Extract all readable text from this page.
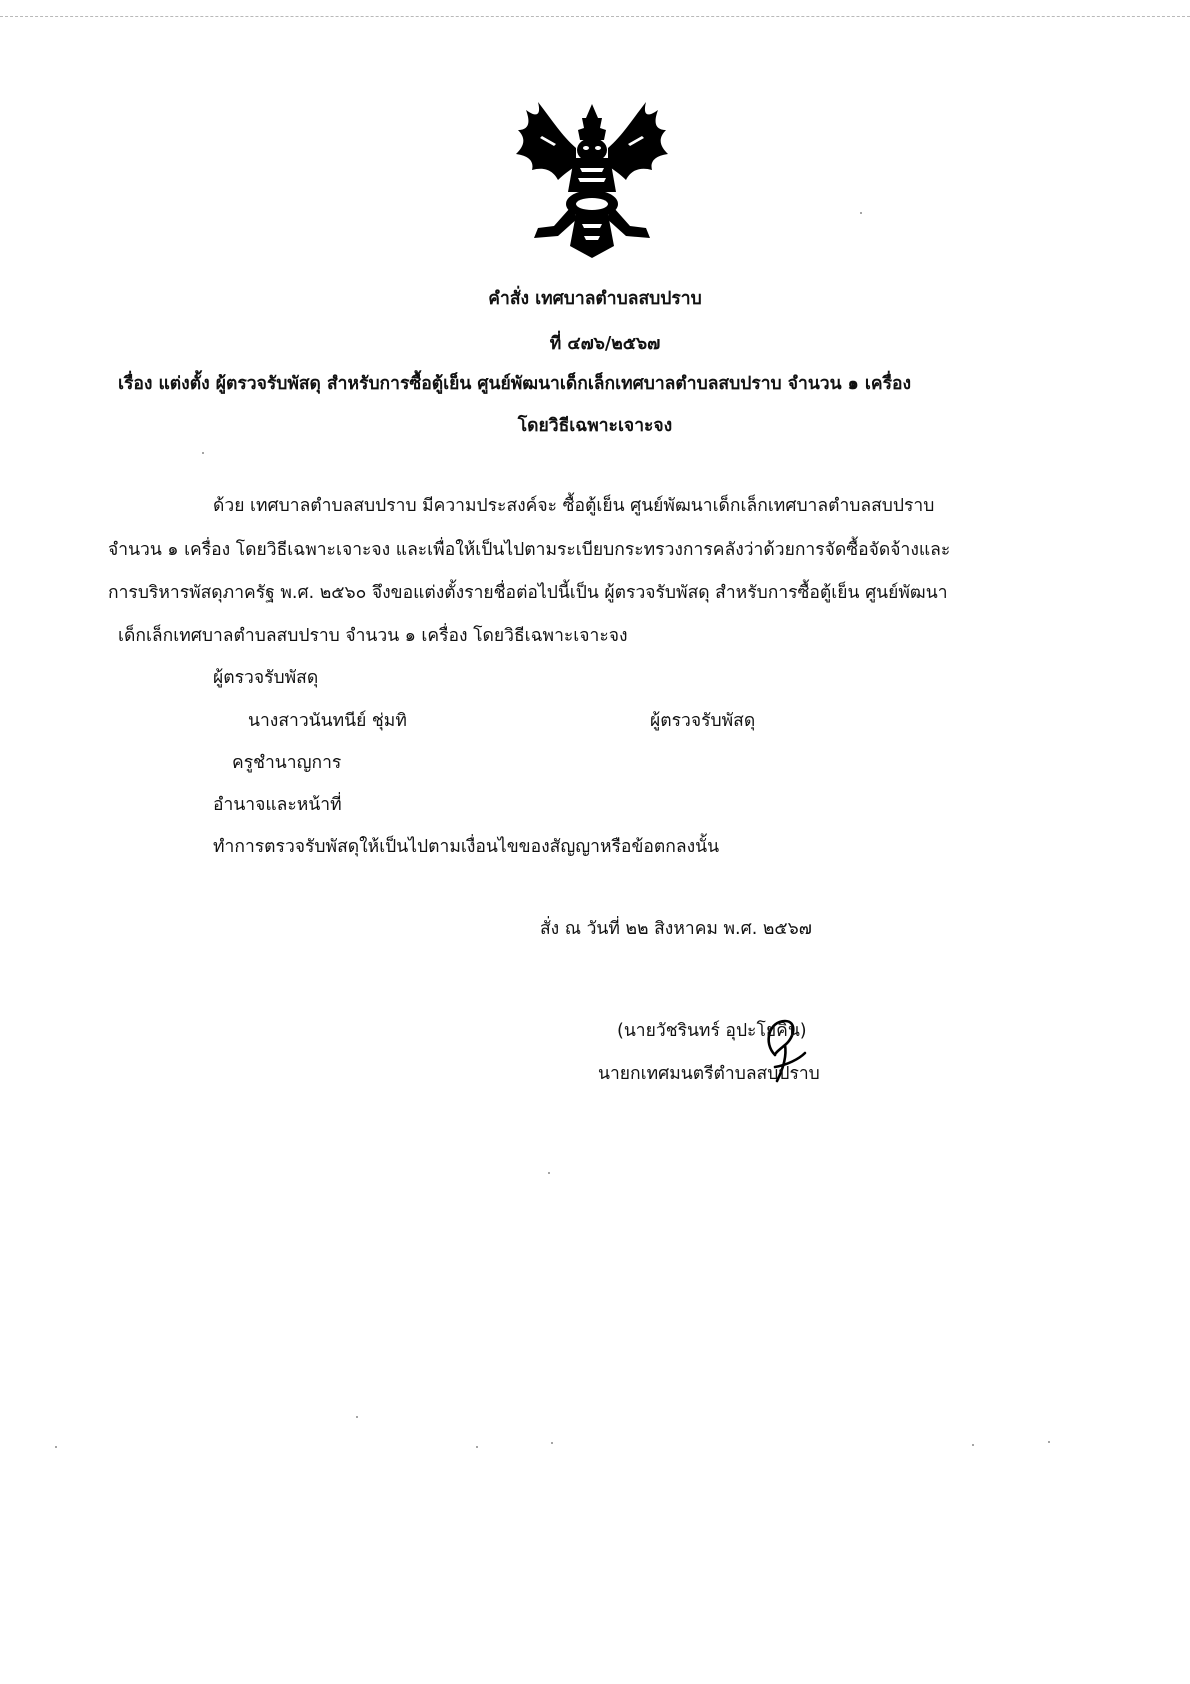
คำสั่ง เทศบาลตำบลสบปราบ
ที่ ๔๗๖/๒๕๖๗
เรื่อง แต่งตั้ง ผู้ตรวจรับพัสดุ สำหรับการซื้อตู้เย็น ศูนย์พัฒนาเด็กเล็กเทศบาลตำบลสบปราบ จำนวน ๑ เครื่อง
โดยวิธีเฉพาะเจาะจง
ด้วย เทศบาลตำบลสบปราบ มีความประสงค์จะ ซื้อตู้เย็น ศูนย์พัฒนาเด็กเล็กเทศบาลตำบลสบปราบ
จำนวน ๑ เครื่อง โดยวิธีเฉพาะเจาะจง และเพื่อให้เป็นไปตามระเบียบกระทรวงการคลังว่าด้วยการจัดซื้อจัดจ้างและ
การบริหารพัสดุภาครัฐ พ.ศ. ๒๕๖๐ จึงขอแต่งตั้งรายชื่อต่อไปนี้เป็น ผู้ตรวจรับพัสดุ สำหรับการซื้อตู้เย็น ศูนย์พัฒนา
เด็กเล็กเทศบาลตำบลสบปราบ จำนวน ๑ เครื่อง โดยวิธีเฉพาะเจาะจง
ผู้ตรวจรับพัสดุ
นางสาวนันทนีย์ ชุ่มทิ	ผู้ตรวจรับพัสดุ
ครูชำนาญการ
อำนาจและหน้าที่
ทำการตรวจรับพัสดุให้เป็นไปตามเงื่อนไขของสัญญาหรือข้อตกลงนั้น
สั่ง ณ วันที่ ๒๒ สิงหาคม พ.ศ. ๒๕๖๗
(นายวัชรินทร์ อุปะโยคิน)
นายกเทศมนตรีตำบลสบปราบ
